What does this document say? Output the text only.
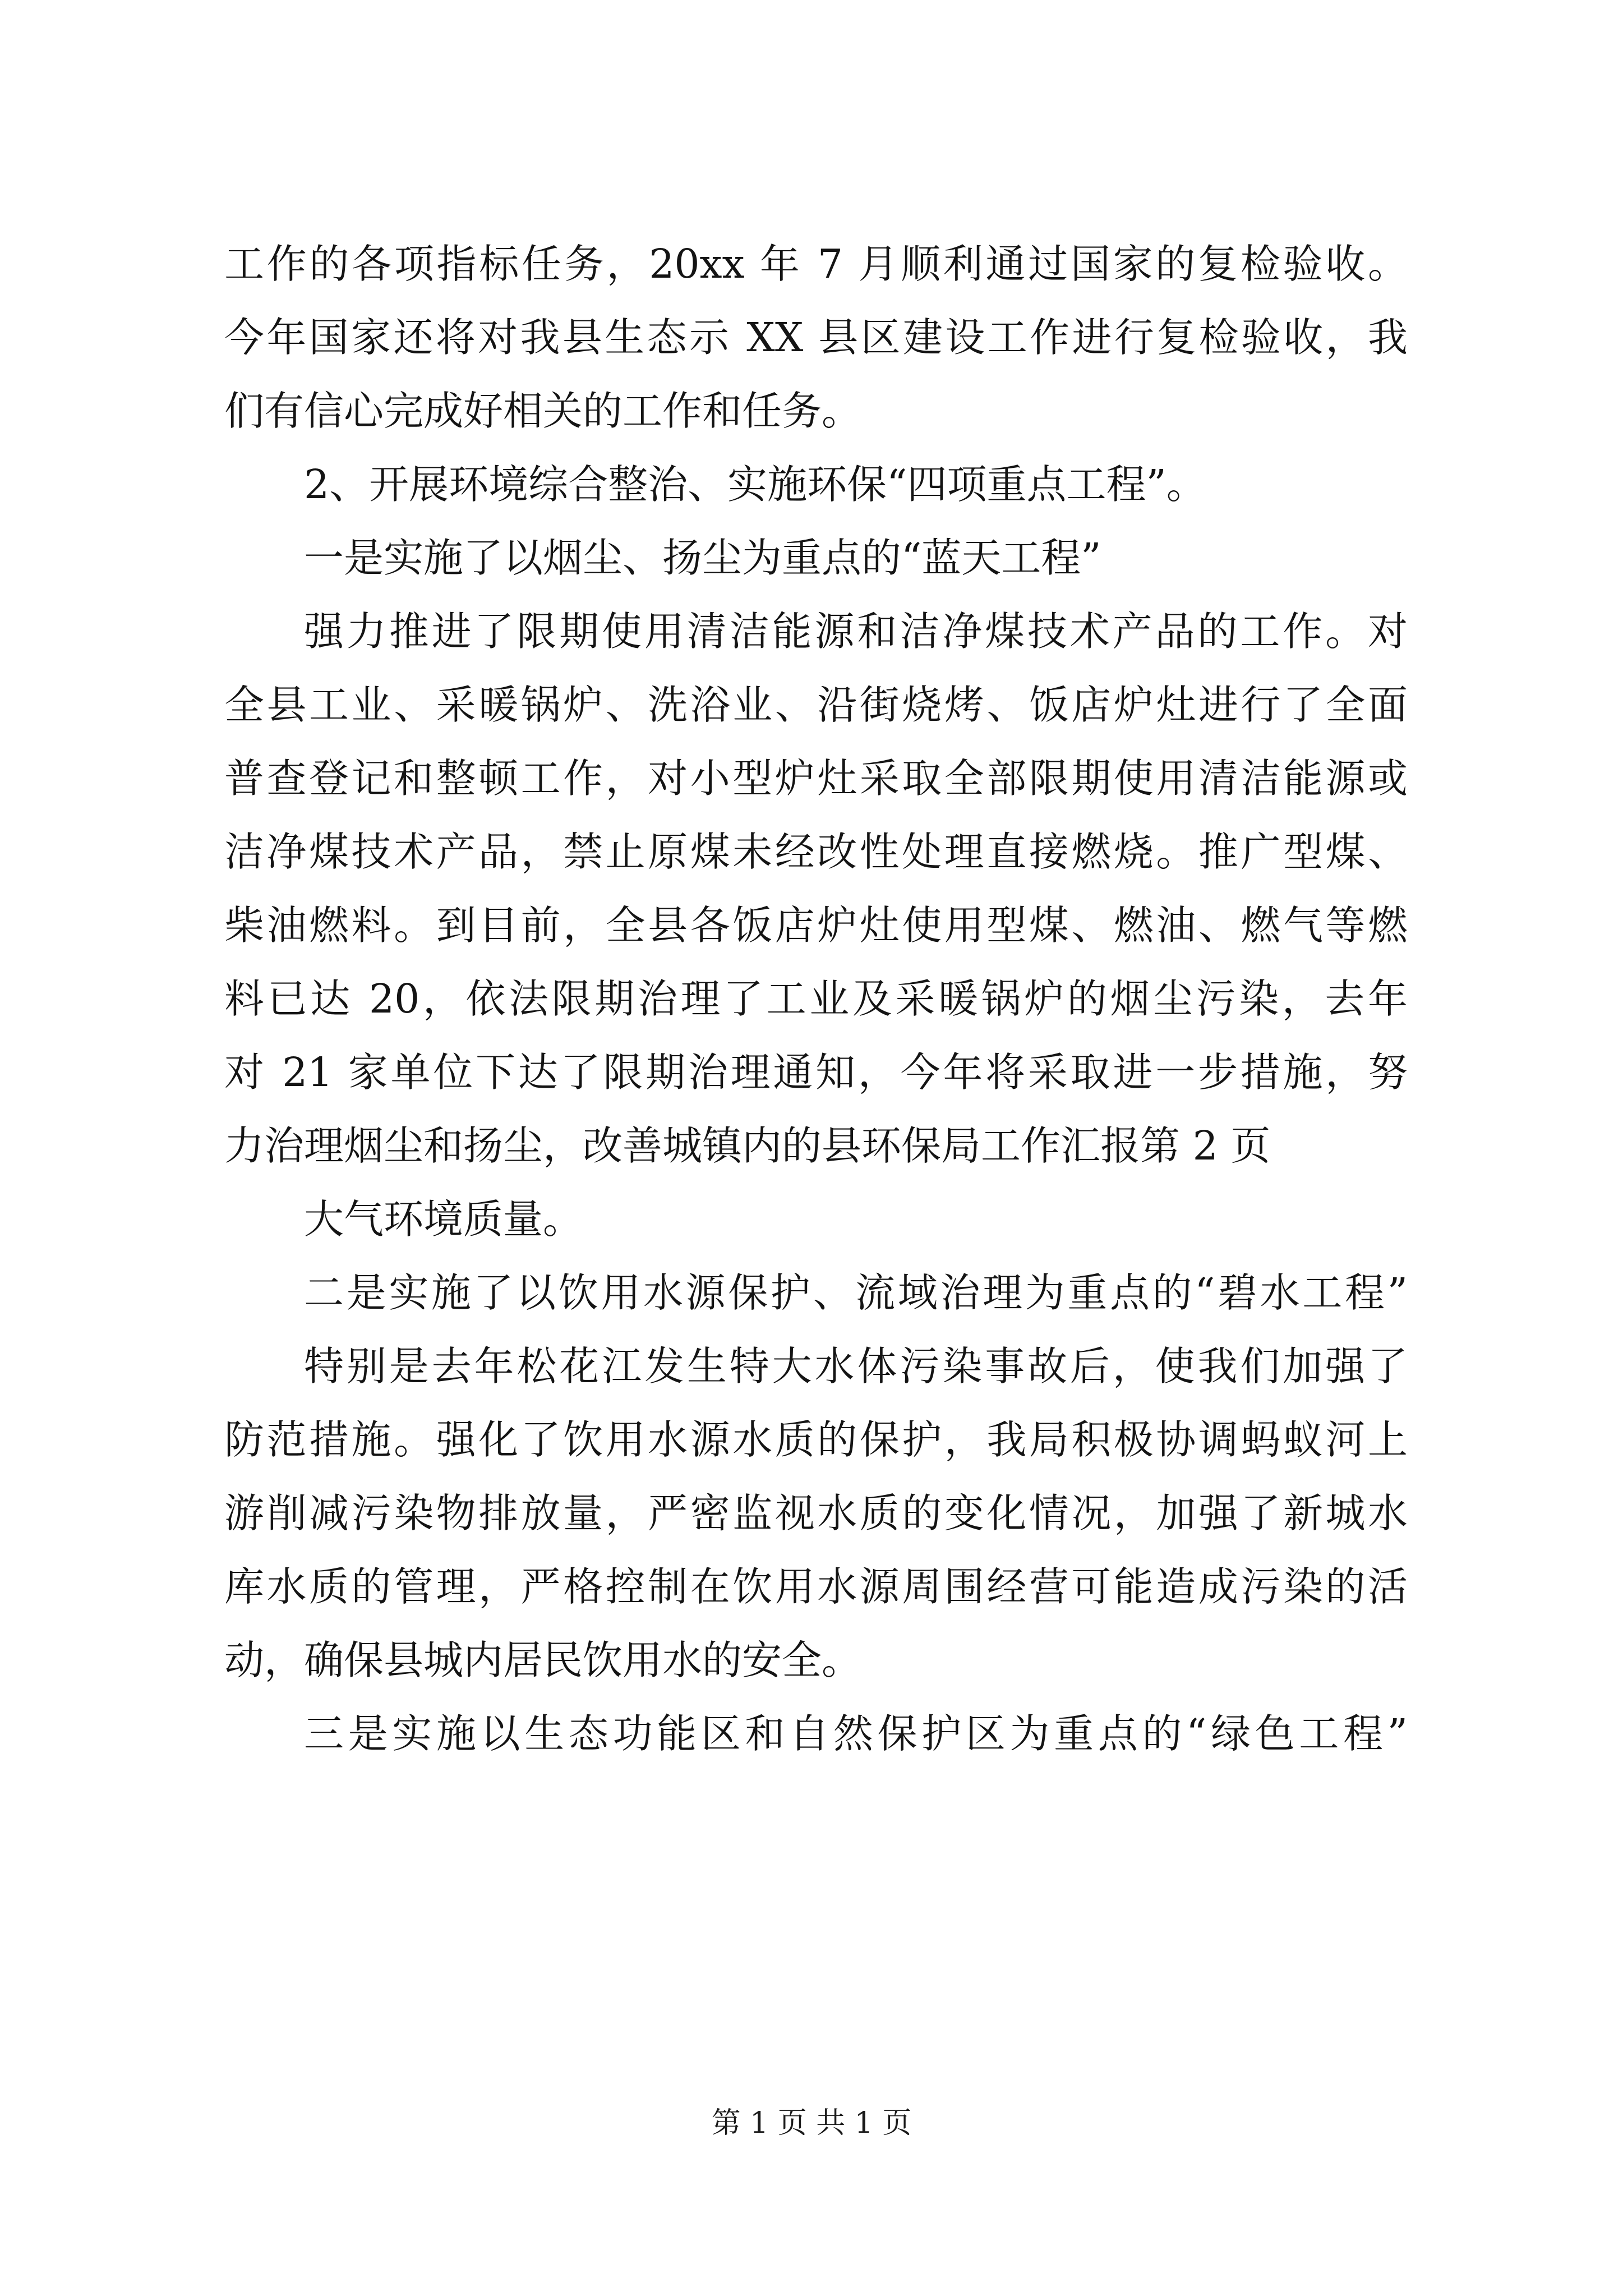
工作的各项指标任务，20xx 年 7 月顺利通过国家的复检验收。
今年国家还将对我县生态示 XX 县区建设工作进行复检验收，我
们有信心完成好相关的工作和任务。
2、开展环境综合整治、实施环保“四项重点工程”。
一是实施了以烟尘、扬尘为重点的“蓝天工程”
强力推进了限期使用清洁能源和洁净煤技术产品的工作。对
全县工业、采暖锅炉、洗浴业、沿街烧烤、饭店炉灶进行了全面
普查登记和整顿工作，对小型炉灶采取全部限期使用清洁能源或
洁净煤技术产品，禁止原煤未经改性处理直接燃烧。推广型煤、
柴油燃料。到目前，全县各饭店炉灶使用型煤、燃油、燃气等燃
料已达 20，依法限期治理了工业及采暖锅炉的烟尘污染，去年
对 21 家单位下达了限期治理通知，今年将采取进一步措施，努
力治理烟尘和扬尘，改善城镇内的县环保局工作汇报第 2 页
大气环境质量。
二是实施了以饮用水源保护、流域治理为重点的“碧水工程”
特别是去年松花江发生特大水体污染事故后，使我们加强了
防范措施。强化了饮用水源水质的保护，我局积极协调蚂蚁河上
游削减污染物排放量，严密监视水质的变化情况，加强了新城水
库水质的管理，严格控制在饮用水源周围经营可能造成污染的活
动，确保县城内居民饮用水的安全。
三是实施以生态功能区和自然保护区为重点的“绿色工程”
第 1 页 共 1 页
